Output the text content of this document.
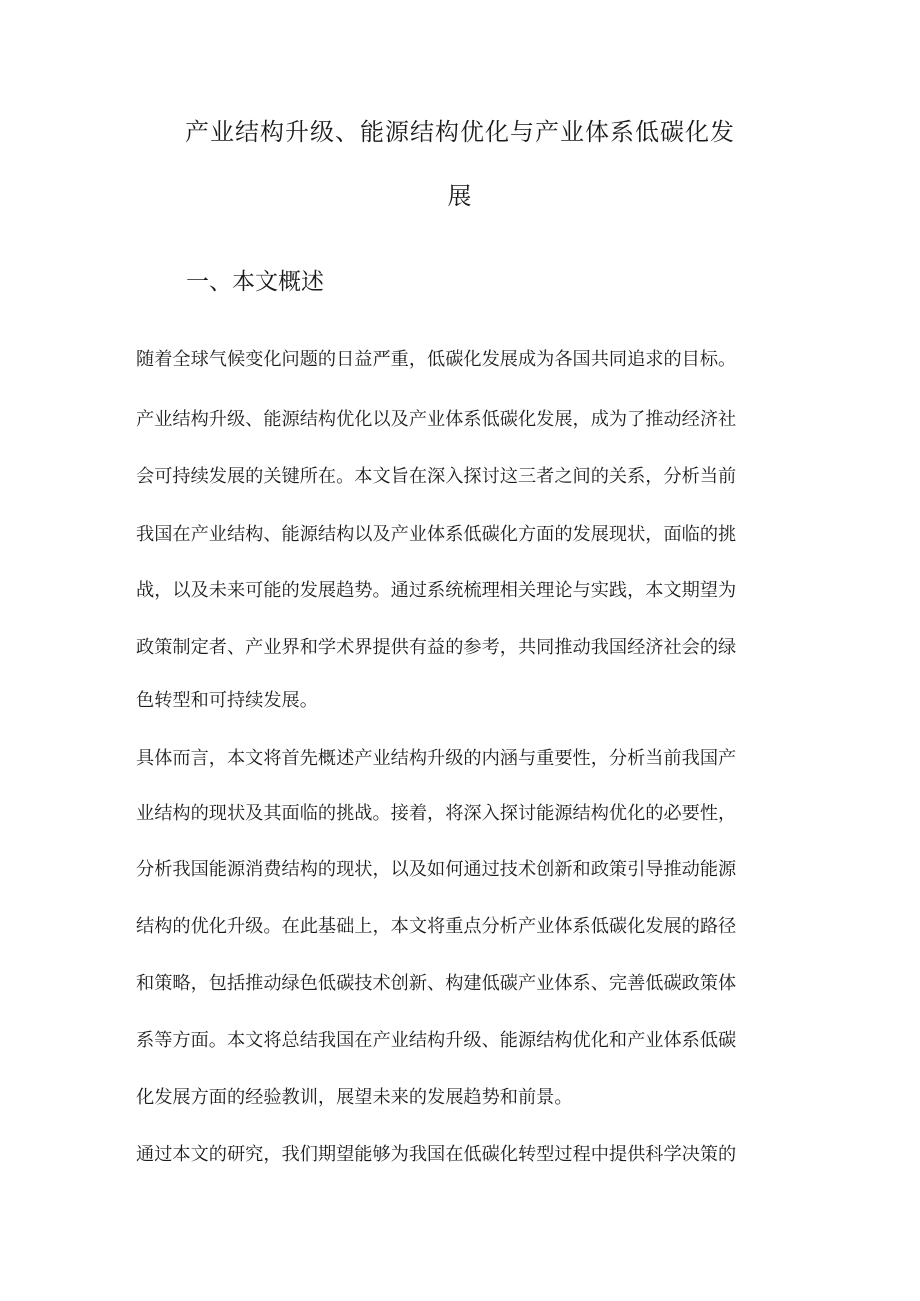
产业结构升级、能源结构优化与产业体系低碳化发
展
一、本文概述

随着全球气候变化问题的日益严重，低碳化发展成为各国共同追求的目标。

产业结构升级、能源结构优化以及产业体系低碳化发展，成为了推动经济社

会可持续发展的关键所在。本文旨在深入探讨这三者之间的关系，分析当前

我国在产业结构、能源结构以及产业体系低碳化方面的发展现状，面临的挑

战，以及未来可能的发展趋势。通过系统梳理相关理论与实践，本文期望为

政策制定者、产业界和学术界提供有益的参考，共同推动我国经济社会的绿

色转型和可持续发展。

具体而言，本文将首先概述产业结构升级的内涵与重要性，分析当前我国产

业结构的现状及其面临的挑战。接着，将深入探讨能源结构优化的必要性，

分析我国能源消费结构的现状，以及如何通过技术创新和政策引导推动能源

结构的优化升级。在此基础上，本文将重点分析产业体系低碳化发展的路径

和策略，包括推动绿色低碳技术创新、构建低碳产业体系、完善低碳政策体

系等方面。本文将总结我国在产业结构升级、能源结构优化和产业体系低碳

化发展方面的经验教训，展望未来的发展趋势和前景。

通过本文的研究，我们期望能够为我国在低碳化转型过程中提供科学决策的
